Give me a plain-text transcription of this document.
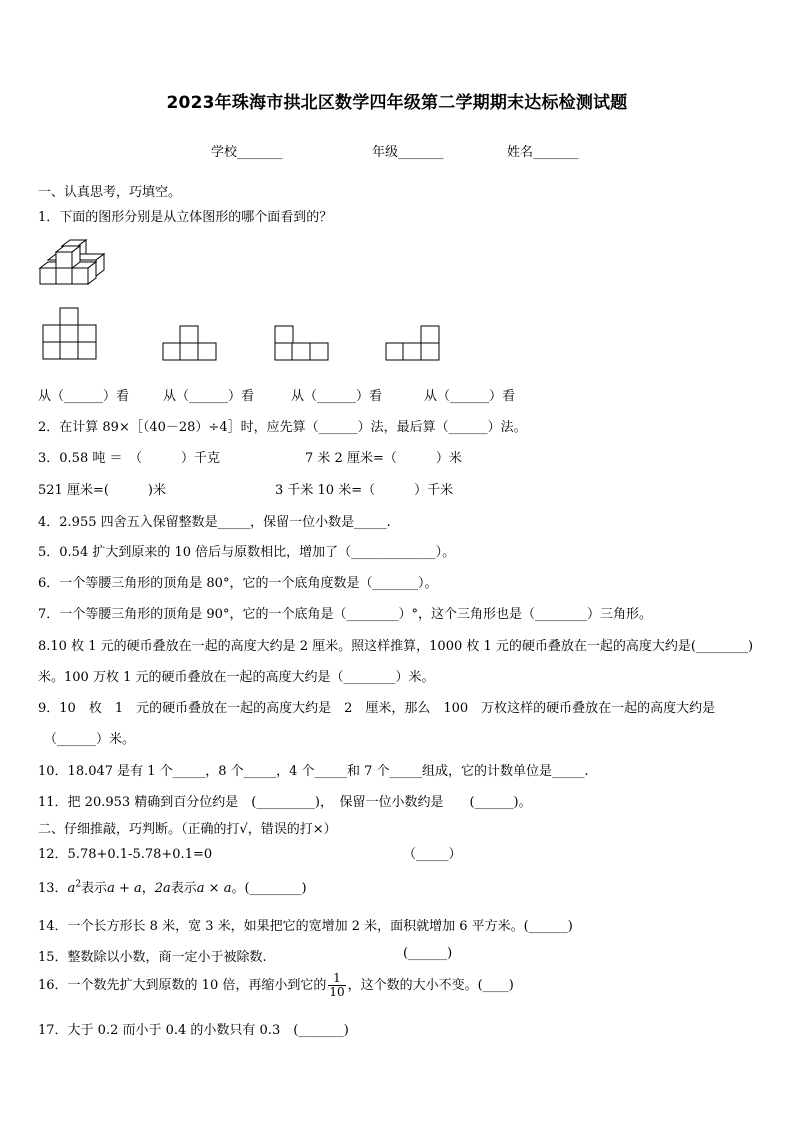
2023年珠海市拱北区数学四年级第二学期期末达标检测试题
学校_______	年级_______	姓名_______
一、认真思考，巧填空。
1．下面的图形分别是从立体图形的哪个面看到的？
从（______）看	从（______）看	从（______）看	从（______）看
2．在计算 89×［（40－28）÷4］时，应先算（______）法，最后算（______）法。
3．0.58 吨 ＝　（　　　）千克	7 米 2 厘米=（　　　）米
521 厘米=(　　　)米	3 千米 10 米=（　　　）千米
4．2.955 四舍五入保留整数是_____，保留一位小数是_____.
5．0.54 扩大到原来的 10 倍后与原数相比，增加了（_____________）。
6．一个等腰三角形的顶角是 80°，它的一个底角度数是（_______）。
7．一个等腰三角形的顶角是 90°，它的一个底角是（________）°，这个三角形也是（________）三角形。
8.10 枚 1 元的硬币叠放在一起的高度大约是 2 厘米。照这样推算，1000 枚 1 元的硬币叠放在一起的高度大约是(________)
米。100 万枚 1 元的硬币叠放在一起的高度大约是（________）米。
9．10　枚　1　元的硬币叠放在一起的高度大约是　2　厘米，那么　100　万枚这样的硬币叠放在一起的高度大约是
（______）米。
10．18.047 是有 1 个_____，8 个_____，4 个_____和 7 个_____组成，它的计数单位是_____.
11．把 20.953 精确到百分位约是　(_________)，　保留一位小数约是　　(______)。
二、仔细推敲，巧判断。（正确的打√，错误的打×）
12．5.78+0.1-5.78+0.1=0	（_____）
13．$a^2$表示a + a，2a表示a × a。(________)
14．一个长方形长 8 米，宽 3 米，如果把它的宽增加 2 米，面积就增加 6 平方米。(______)
15．整数除以小数，商一定小于被除数.	(______)
16．一个数先扩大到原数的 10 倍，再缩小到它的 $\frac{1}{10}$ ，这个数的大小不变。(____)
17．大于 0.2 而小于 0.4 的小数只有 0.3　(_______)
